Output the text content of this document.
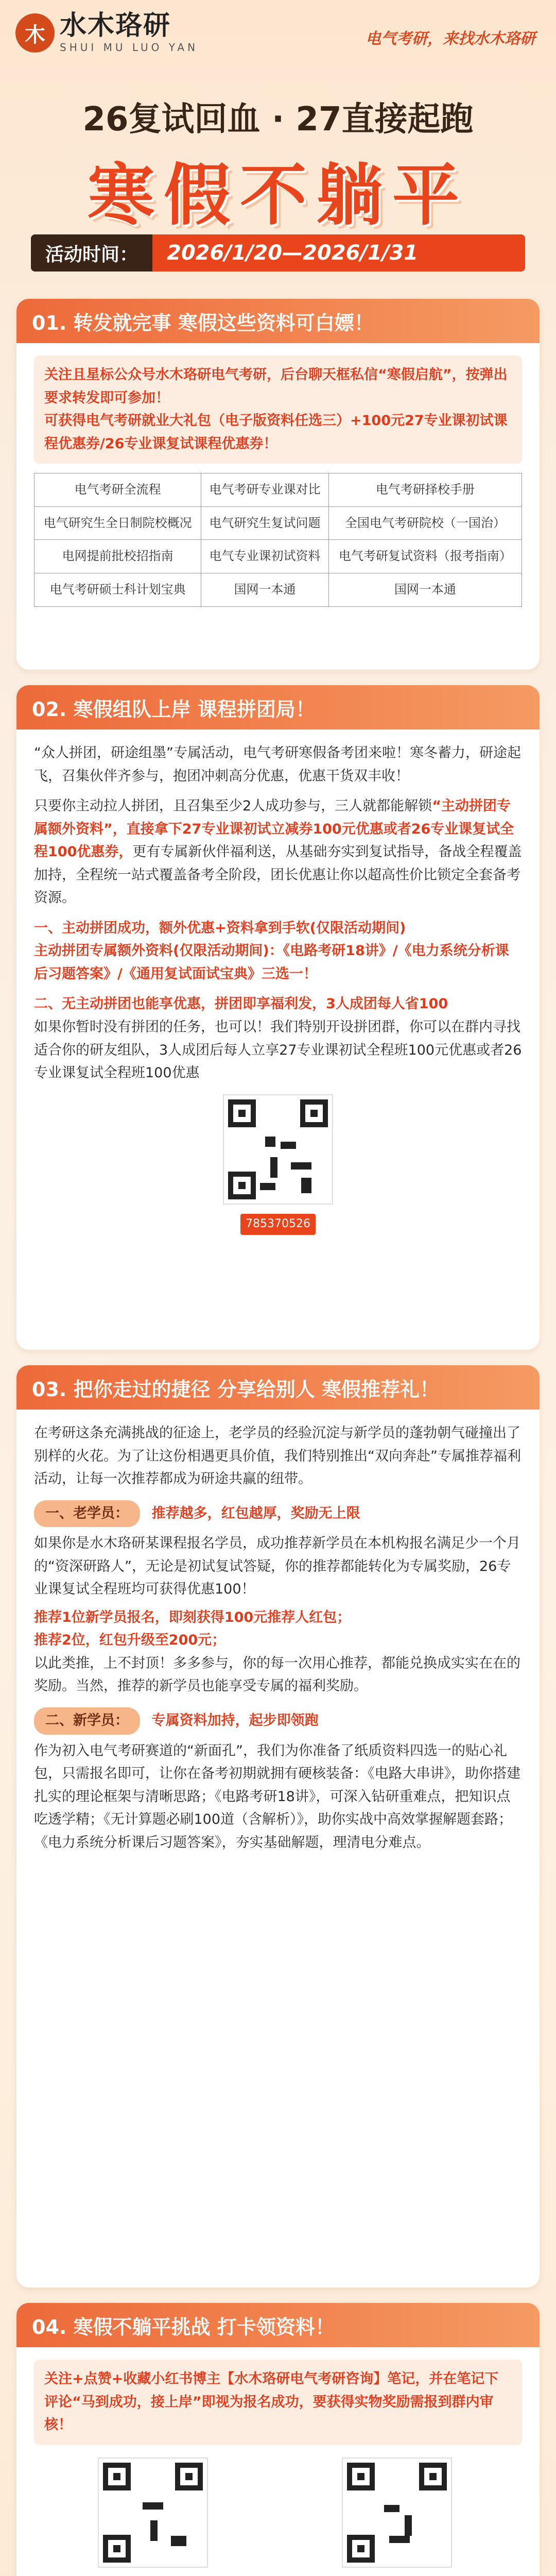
木 水木珞研
SHUI MU LUO YAN	电气考研，来找水木珞研
26复试回血 · 27直接起跑
寒假不躺平
活动时间：	2026/1/20—2026/1/31
01. 转发就完事 寒假这些资料可白嫖！
关注且星标公众号水木珞研电气考研，后台聊天框私信“寒假启航”，按弹出要求转发即可参加！
可获得电气考研就业大礼包（电子版资料任选三）+100元27专业课初试课程优惠券/26专业课复试课程优惠券！
电气考研全流程	电气考研专业课对比	电气考研择校手册
电气研究生全日制院校概况	电气研究生复试问题	全国电气考研院校（一国治）
电网提前批校招指南	电气专业课初试资料	电气考研复试资料（报考指南）
电气考研硕士科计划宝典	国网一本通	国网一本通
02. 寒假组队上岸 课程拼团局！
“众人拼团，研途组墨”专属活动，电气考研寒假备考团来啦！寒冬蓄力，研途起飞，召集伙伴齐参与，抱团冲刺高分优惠，优惠干货双丰收！
只要你主动拉人拼团，且召集至少2人成功参与，三人就都能解锁“主动拼团专属额外资料”，直接拿下27专业课初试立减券100元优惠或者26专业课复试全程100优惠券，更有专属新伙伴福利送，从基础夯实到复试指导，备战全程覆盖加持，全程统一站式覆盖备考全阶段，团长优惠让你以超高性价比锁定全套备考资源。
一、主动拼团成功，额外优惠+资料拿到手软(仅限活动期间)
主动拼团专属额外资料(仅限活动期间)：《电路考研18讲》/《电力系统分析课后习题答案》/《通用复试面试宝典》三选一！
二、无主动拼团也能享优惠，拼团即享福利发，3人成团每人省100
如果你暂时没有拼团的任务，也可以！我们特别开设拼团群，你可以在群内寻找适合你的研友组队，3人成团后每人立享27专业课初试全程班100元优惠或者26专业课复试全程班100优惠
785370526
03. 把你走过的捷径 分享给别人 寒假推荐礼！
在考研这条充满挑战的征途上，老学员的经验沉淀与新学员的蓬勃朝气碰撞出了别样的火花。为了让这份相遇更具价值，我们特别推出“双向奔赴”专属推荐福利活动，让每一次推荐都成为研途共赢的纽带。
一、老学员： 推荐越多，红包越厚，奖励无上限
如果你是水木珞研某课程报名学员，成功推荐新学员在本机构报名满足少一个月的“资深研路人”，无论是初试复试答疑，你的推荐都能转化为专属奖励，26专业课复试全程班均可获得优惠100！
推荐1位新学员报名，即刻获得100元推荐人红包；
推荐2位，红包升级至200元；
以此类推，上不封顶！多多参与，你的每一次用心推荐，都能兑换成实实在在的奖励。当然，推荐的新学员也能享受专属的福利奖励。
二、新学员： 专属资料加持，起步即领跑
作为初入电气考研赛道的“新面孔”，我们为你准备了纸质资料四选一的贴心礼包，只需报名即可，让你在备考初期就拥有硬核装备：《电路大串讲》，助你搭建扎实的理论框架与清晰思路；《电路考研18讲》，可深入钻研重难点，把知识点吃透学精；《无计算题必刷100道（含解析）》，助你实战中高效掌握解题套路；《电力系统分析课后习题答案》，夯实基础解题，理清电分难点。
04. 寒假不躺平挑战 打卡领资料！
关注+点赞+收藏小红书博主【水木珞研电气考研咨询】笔记，并在笔记下评论“马到成功，接上岸”即视为报名成功，要获得实物奖励需报到群内审核！
